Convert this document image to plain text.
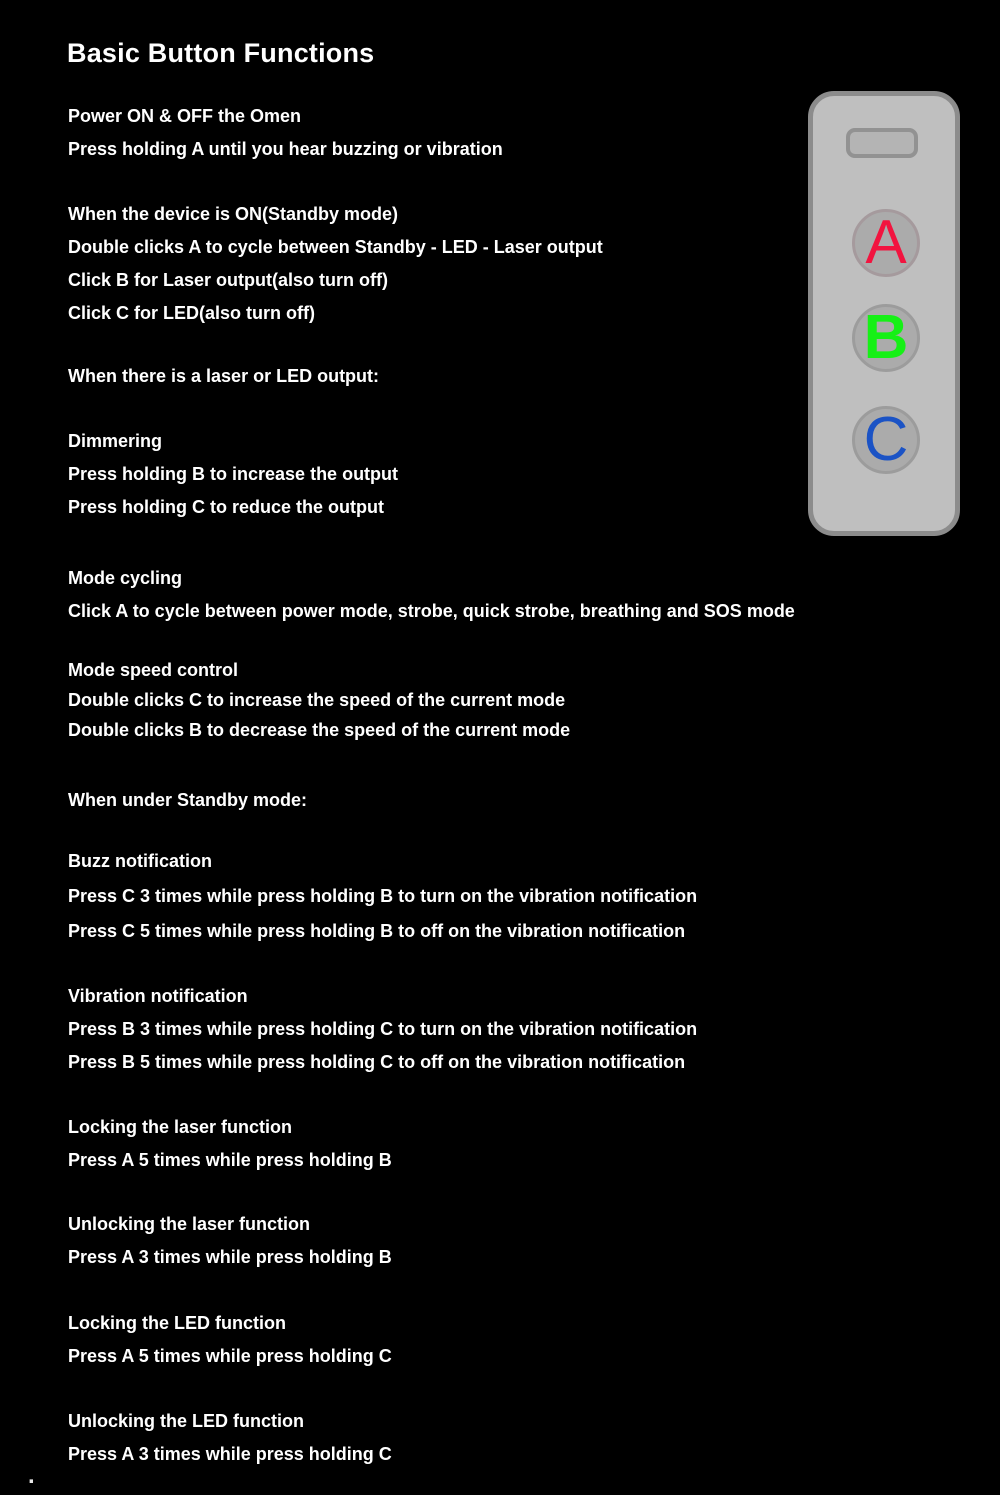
Basic Button Functions
Power ON & OFF the Omen
Press holding A until you hear buzzing or vibration
When the device is ON(Standby mode)
Double clicks A to cycle between Standby - LED - Laser output
Click B for Laser output(also turn off)
Click C for LED(also turn off)
When there is a laser or LED output:
Dimmering
Press holding B to increase the output
Press holding C to reduce the output
Mode cycling
Click A to cycle between power mode, strobe, quick strobe, breathing and SOS mode
Mode speed control
Double clicks C to increase the speed of the current mode
Double clicks B to decrease the speed of the current mode
When under Standby mode:
Buzz notification
Press C 3 times while press holding B to turn on the vibration notification
Press C 5 times while press holding B to off on the vibration notification
Vibration notification
Press B 3 times while press holding C to turn on the vibration notification
Press B 5 times while press holding C to off on the vibration notification
Locking the laser function
Press A 5 times while press holding B
Unlocking the laser function
Press A 3 times while press holding B
Locking the LED function
Press A 5 times while press holding C
Unlocking the LED function
Press A 3 times while press holding C
A
B
C
.
